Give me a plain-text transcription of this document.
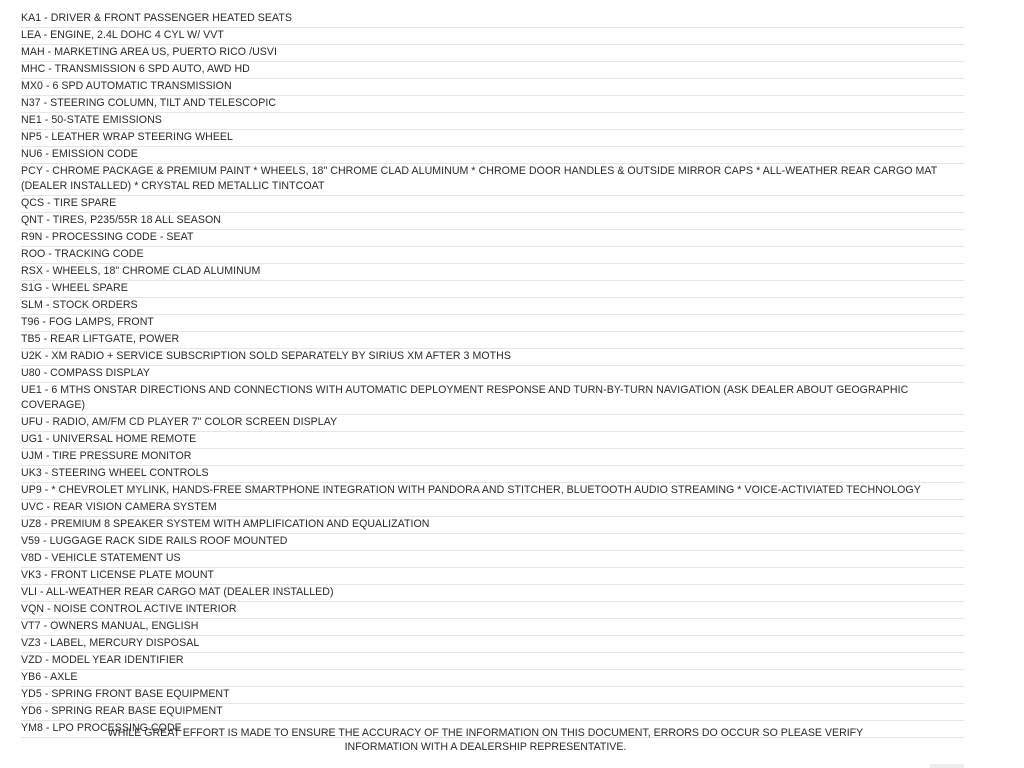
KA1 - DRIVER & FRONT PASSENGER HEATED SEATS
LEA - ENGINE, 2.4L DOHC 4 CYL W/ VVT
MAH - MARKETING AREA US, PUERTO RICO /USVI
MHC - TRANSMISSION 6 SPD AUTO, AWD HD
MX0 - 6 SPD AUTOMATIC TRANSMISSION
N37 - STEERING COLUMN, TILT AND TELESCOPIC
NE1 - 50-STATE EMISSIONS
NP5 - LEATHER WRAP STEERING WHEEL
NU6 - EMISSION CODE
PCY - CHROME PACKAGE & PREMIUM PAINT * WHEELS, 18" CHROME CLAD ALUMINUM * CHROME DOOR HANDLES & OUTSIDE MIRROR CAPS * ALL-WEATHER REAR CARGO MAT (DEALER INSTALLED) * CRYSTAL RED METALLIC TINTCOAT
QCS - TIRE SPARE
QNT - TIRES, P235/55R 18 ALL SEASON
R9N - PROCESSING CODE - SEAT
ROO - TRACKING CODE
RSX - WHEELS, 18" CHROME CLAD ALUMINUM
S1G - WHEEL SPARE
SLM - STOCK ORDERS
T96 - FOG LAMPS, FRONT
TB5 - REAR LIFTGATE, POWER
U2K - XM RADIO + SERVICE SUBSCRIPTION SOLD SEPARATELY BY SIRIUS XM AFTER 3 MOTHS
U80 - COMPASS DISPLAY
UE1 - 6 MTHS ONSTAR DIRECTIONS AND CONNECTIONS WITH AUTOMATIC DEPLOYMENT RESPONSE AND TURN-BY-TURN NAVIGATION (ASK DEALER ABOUT GEOGRAPHIC COVERAGE)
UFU - RADIO, AM/FM CD PLAYER 7" COLOR SCREEN DISPLAY
UG1 - UNIVERSAL HOME REMOTE
UJM - TIRE PRESSURE MONITOR
UK3 - STEERING WHEEL CONTROLS
UP9 - * CHEVROLET MYLINK, HANDS-FREE SMARTPHONE INTEGRATION WITH PANDORA AND STITCHER, BLUETOOTH AUDIO STREAMING * VOICE-ACTIVIATED TECHNOLOGY
UVC - REAR VISION CAMERA SYSTEM
UZ8 - PREMIUM 8 SPEAKER SYSTEM WITH AMPLIFICATION AND EQUALIZATION
V59 - LUGGAGE RACK SIDE RAILS ROOF MOUNTED
V8D - VEHICLE STATEMENT US
VK3 - FRONT LICENSE PLATE MOUNT
VLI - ALL-WEATHER REAR CARGO MAT (DEALER INSTALLED)
VQN - NOISE CONTROL ACTIVE INTERIOR
VT7 - OWNERS MANUAL, ENGLISH
VZ3 - LABEL, MERCURY DISPOSAL
VZD - MODEL YEAR IDENTIFIER
YB6 - AXLE
YD5 - SPRING FRONT BASE EQUIPMENT
YD6 - SPRING REAR BASE EQUIPMENT
YM8 - LPO PROCESSING CODE
WHILE GREAT EFFORT IS MADE TO ENSURE THE ACCURACY OF THE INFORMATION ON THIS DOCUMENT, ERRORS DO OCCUR SO PLEASE VERIFY
INFORMATION WITH A DEALERSHIP REPRESENTATIVE.
